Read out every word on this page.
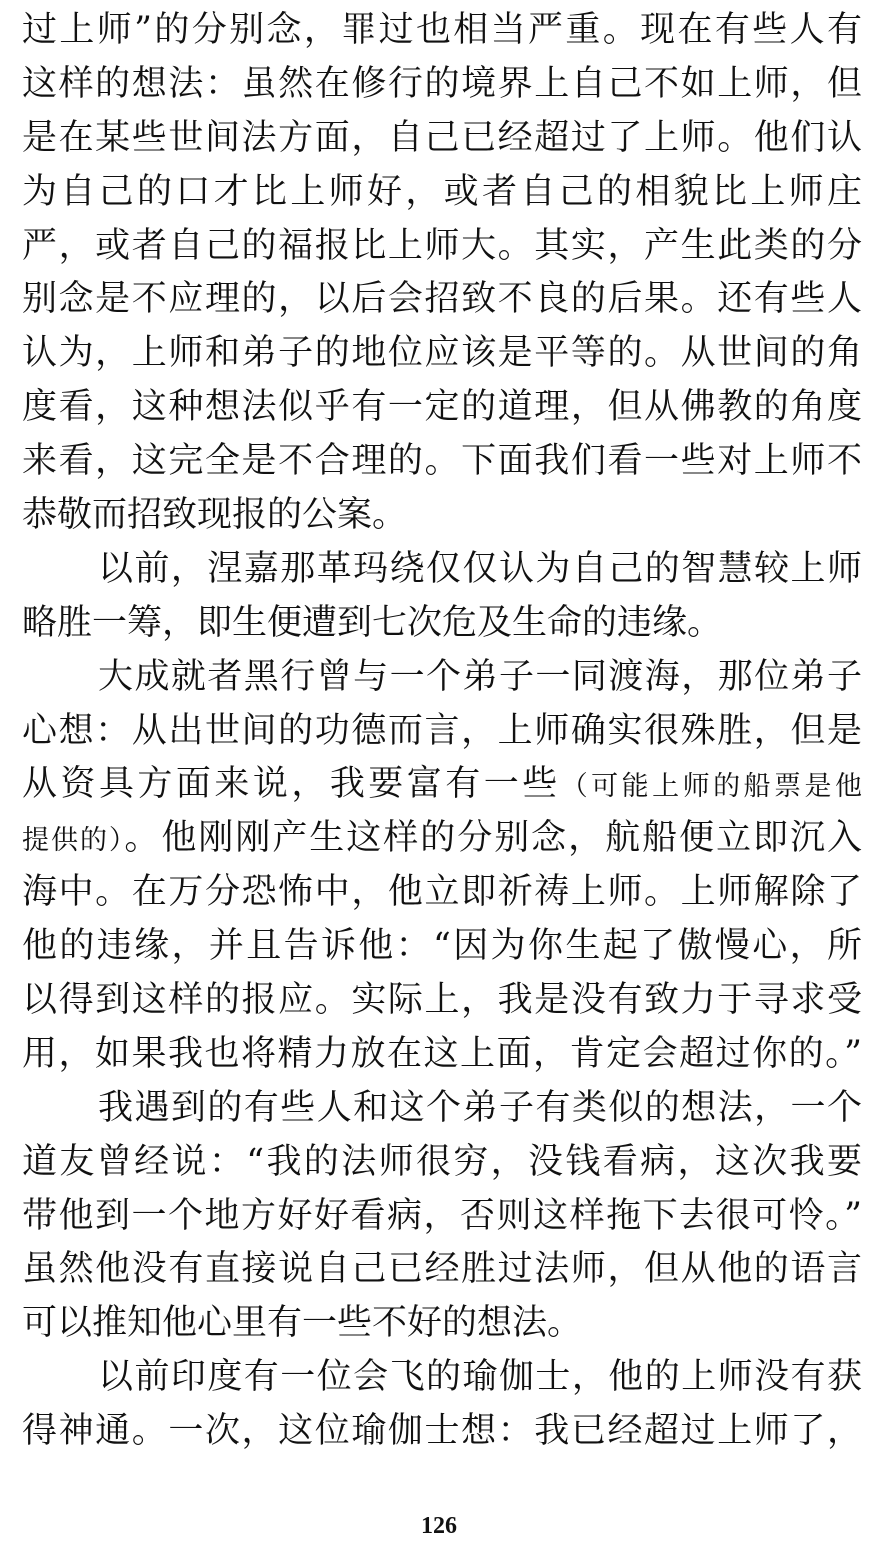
过上师”的分别念，罪过也相当严重。现在有些人有
这样的想法：虽然在修行的境界上自己不如上师，但
是在某些世间法方面，自己已经超过了上师。他们认
为自己的口才比上师好，或者自己的相貌比上师庄
严，或者自己的福报比上师大。其实，产生此类的分
别念是不应理的，以后会招致不良的后果。还有些人
认为，上师和弟子的地位应该是平等的。从世间的角
度看，这种想法似乎有一定的道理，但从佛教的角度
来看，这完全是不合理的。下面我们看一些对上师不
恭敬而招致现报的公案。
以前，涅嘉那革玛绕仅仅认为自己的智慧较上师
略胜一筹，即生便遭到七次危及生命的违缘。
大成就者黑行曾与一个弟子一同渡海，那位弟子
心想：从出世间的功德而言，上师确实很殊胜，但是
从资具方面来说，我要富有一些（可能上师的船票是他
提供的）。他刚刚产生这样的分别念，航船便立即沉入
海中。在万分恐怖中，他立即祈祷上师。上师解除了
他的违缘，并且告诉他：“因为你生起了傲慢心，所
以得到这样的报应。实际上，我是没有致力于寻求受
用，如果我也将精力放在这上面，肯定会超过你的。”
我遇到的有些人和这个弟子有类似的想法，一个
道友曾经说：“我的法师很穷，没钱看病，这次我要
带他到一个地方好好看病，否则这样拖下去很可怜。”
虽然他没有直接说自己已经胜过法师，但从他的语言
可以推知他心里有一些不好的想法。
以前印度有一位会飞的瑜伽士，他的上师没有获
得神通。一次，这位瑜伽士想：我已经超过上师了，
126
